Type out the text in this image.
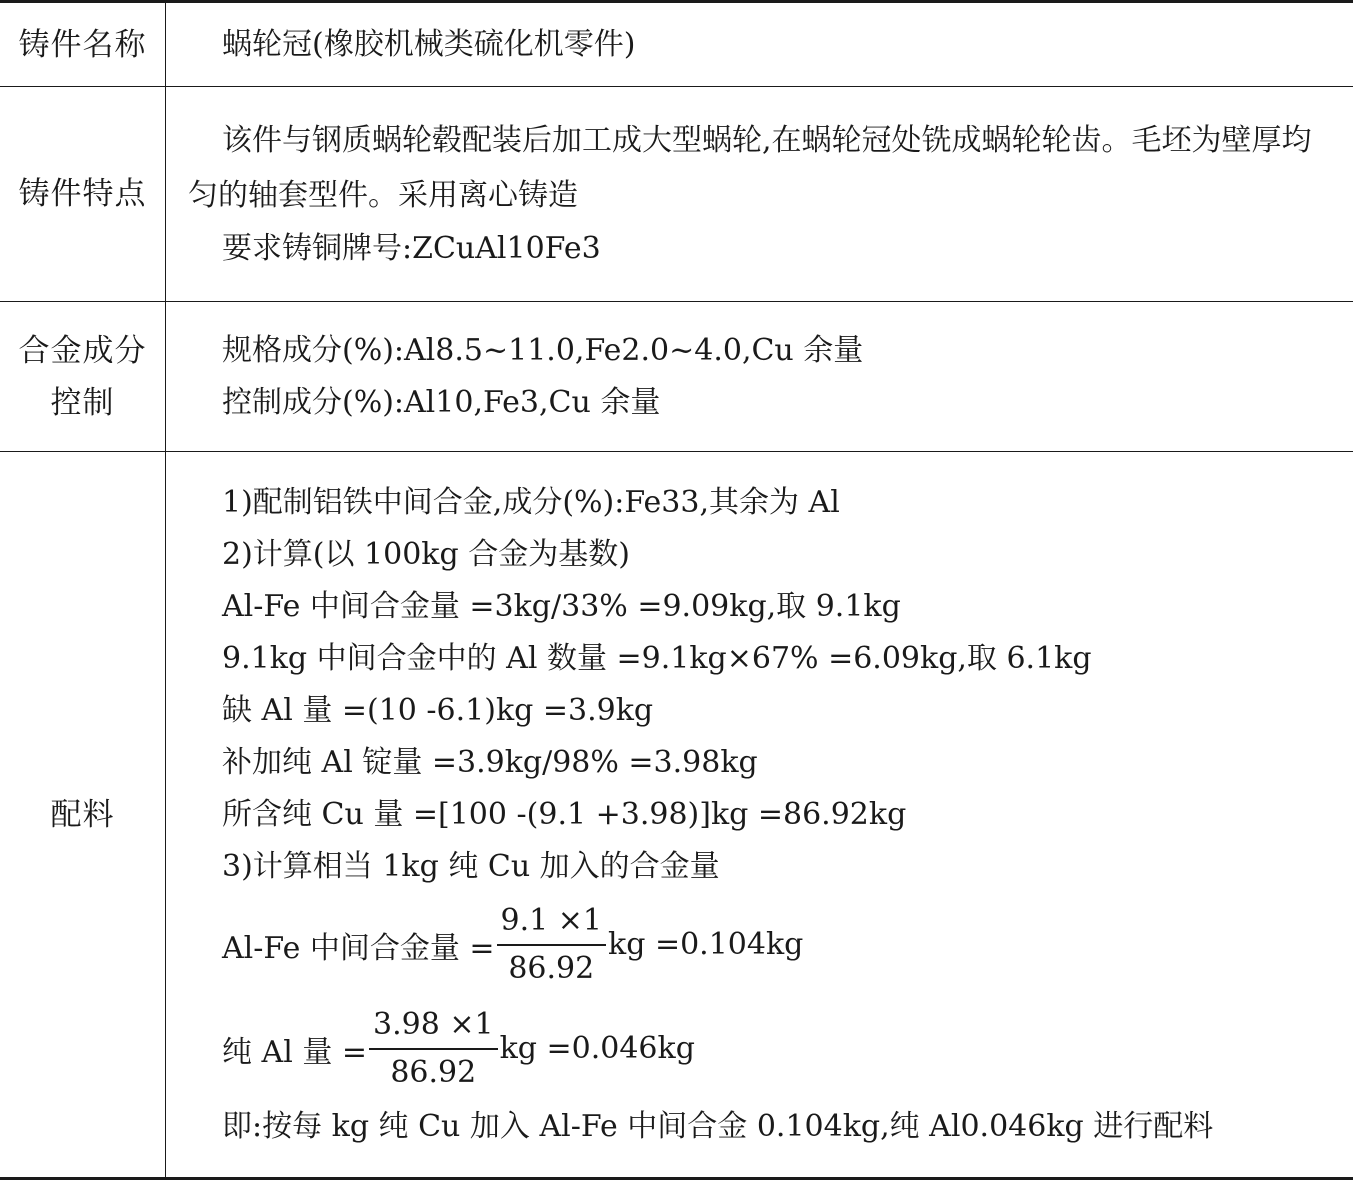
铸件名称	蜗轮冠(橡胶机械类硫化机零件)
铸件特点
该件与钢质蜗轮毂配装后加工成大型蜗轮,在蜗轮冠处铣成蜗轮轮齿。毛坯为壁厚均匀的轴套型件。采用离心铸造
要求铸铜牌号:ZCuAl10Fe3
合金成分
控制
规格成分(%):Al8.5~11.0,Fe2.0~4.0,Cu 余量
控制成分(%):Al10,Fe3,Cu 余量
配料
1)配制铝铁中间合金,成分(%):Fe33,其余为 Al
2)计算(以 100kg 合金为基数)
Al-Fe 中间合金量 =3kg/33% =9.09kg,取 9.1kg
9.1kg 中间合金中的 Al 数量 =9.1kg×67% =6.09kg,取 6.1kg
缺 Al 量 =(10 -6.1)kg =3.9kg
补加纯 Al 锭量 =3.9kg/98% =3.98kg
所含纯 Cu 量 =[100 -(9.1 +3.98)]kg =86.92kg
3)计算相当 1kg 纯 Cu 加入的合金量
Al-Fe 中间合金量 = $\frac{9.1 \times 1}{86.92}$ kg =0.104kg
纯 Al 量 = $\frac{3.98 \times 1}{86.92}$ kg =0.046kg
即:按每 kg 纯 Cu 加入 Al-Fe 中间合金 0.104kg,纯 Al0.046kg 进行配料
